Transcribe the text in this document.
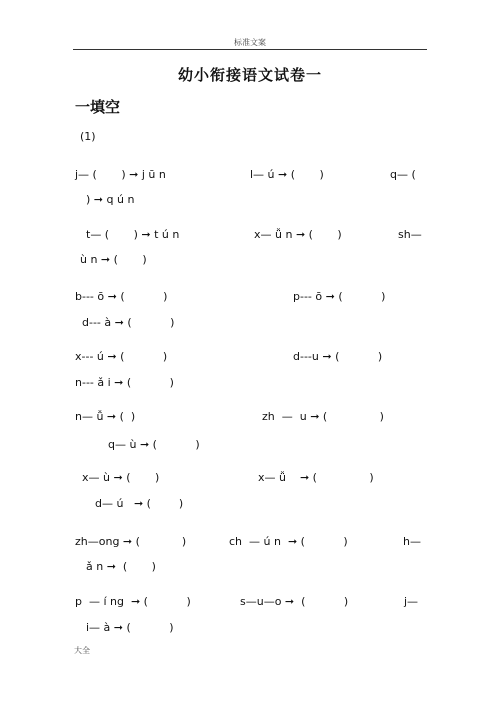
标准文案
幼小衔接语文试卷一
一填空
(1)
j— (       ) ➞ j ū n	l— ú ➞ (       )	q— (
) ➞ q ú n
t— (       ) ➞ t ú n	x— ǚ n ➞ (       )	sh—
ù n ➞ (       )
b--- ō ➞ (           )	p--- ō ➞ (           )
d--- à ➞ (           )
x--- ú ➞ (           )	d---u ➞ (           )
n--- ǎ i ➞ (           )
n— ǚ ➞ (  )	zh  —  u ➞ (               )
q— ù ➞ (           )
x— ù ➞ (       )	x— ǚ    ➞ (               )
d— ú   ➞ (        )
zh—ong ➞ (            )	ch  — ú n  ➞ (           )	h—
ǎ n ➞  (       )
p  — í ng  ➞ (           )	s—u—o ➞  (           )	j—
i— à ➞ (           )
大全
